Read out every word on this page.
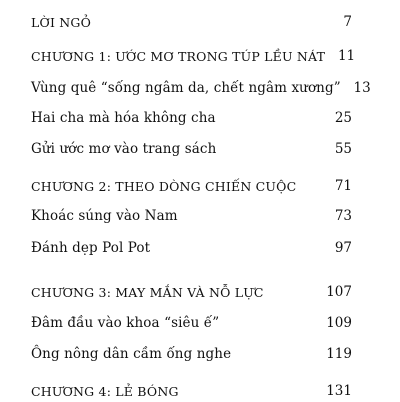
LỜI NGỎ	7
CHƯƠNG 1: ƯỚC MƠ TRONG TÚP LỀU NÁT 11
Vùng quê “sống ngâm da, chết ngâm xương” 13
Hai cha mà hóa không cha	25
Gửi ước mơ vào trang sách	55
CHƯƠNG 2: THEO DÒNG CHIẾN CUỘC	71
Khoác súng vào Nam	73
Đánh dẹp Pol Pot	97
CHƯƠNG 3: MAY MẮN VÀ NỖ LỰC	107
Đâm đầu vào khoa “siêu ế”	109
Ông nông dân cầm ống nghe	119
CHƯƠNG 4: LẺ BÓNG	131
